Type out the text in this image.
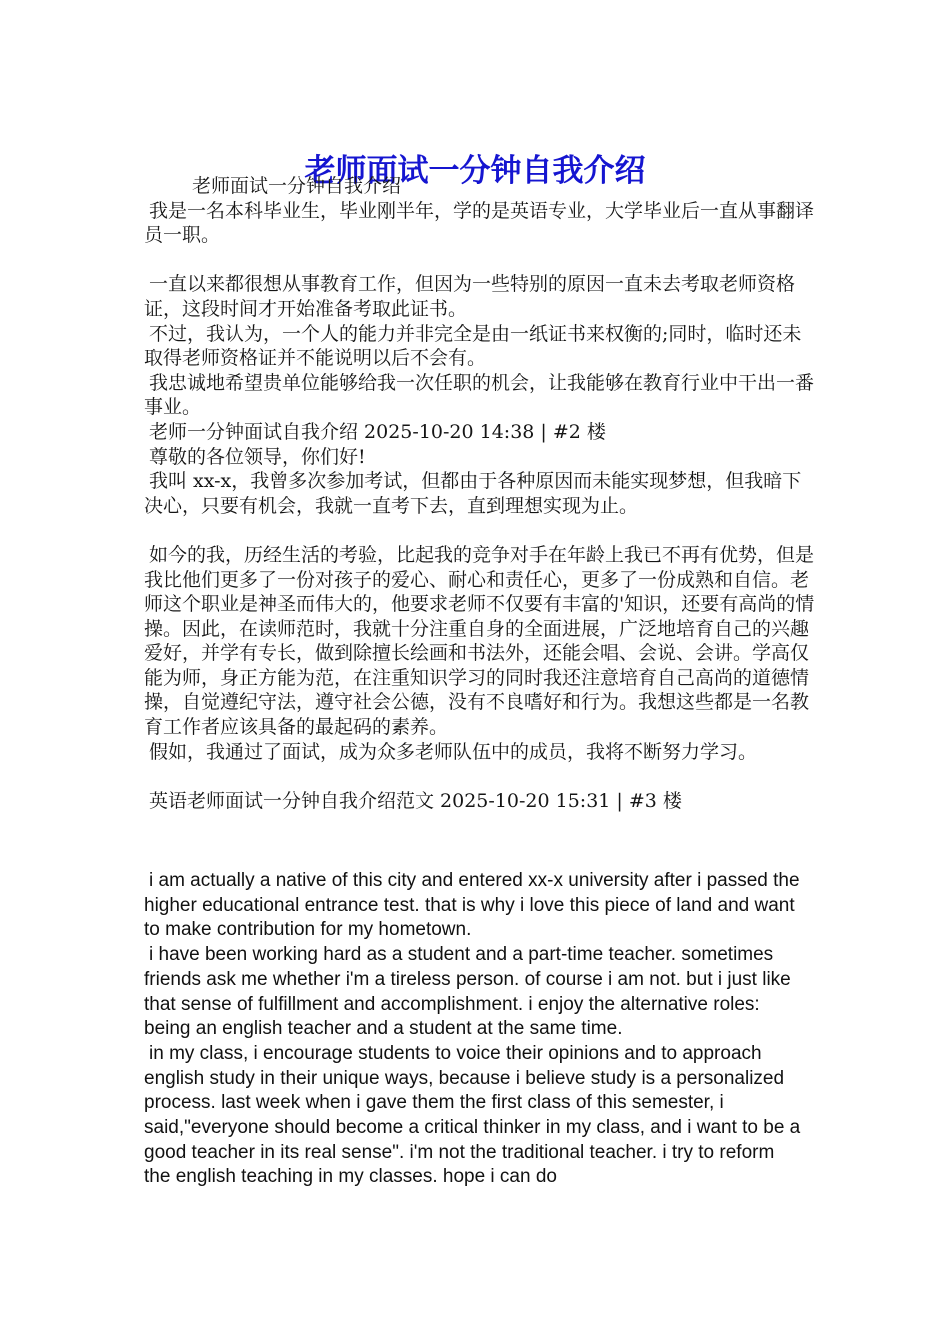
老师面试一分钟自我介绍

老师面试一分钟自我介绍

我是一名本科毕业生，毕业刚半年，学的是英语专业，大学毕业后一直从事翻译员一职。

一直以来都很想从事教育工作，但因为一些特别的原因一直未去考取老师资格证，这段时间才开始准备考取此证书。

不过，我认为，一个人的能力并非完全是由一纸证书来权衡的;同时，临时还未取得老师资格证并不能说明以后不会有。

我忠诚地希望贵单位能够给我一次任职的机会，让我能够在教育行业中干出一番事业。

老师一分钟面试自我介绍 2025-10-20 14:38 | #2 楼

尊敬的各位领导，你们好!

我叫 xx-x，我曾多次参加考试，但都由于各种原因而未能实现梦想，但我暗下决心，只要有机会，我就一直考下去，直到理想实现为止。

如今的我，历经生活的考验，比起我的竞争对手在年龄上我已不再有优势，但是我比他们更多了一份对孩子的爱心、耐心和责任心，更多了一份成熟和自信。老师这个职业是神圣而伟大的，他要求老师不仅要有丰富的'知识，还要有高尚的情操。因此，在读师范时，我就十分注重自身的全面进展，广泛地培育自己的兴趣爱好，并学有专长，做到除擅长绘画和书法外，还能会唱、会说、会讲。学高仅能为师，身正方能为范，在注重知识学习的同时我还注意培育自己高尚的道德情操，自觉遵纪守法，遵守社会公德，没有不良嗜好和行为。我想这些都是一名教育工作者应该具备的最起码的素养。

假如，我通过了面试，成为众多老师队伍中的成员，我将不断努力学习。

英语老师面试一分钟自我介绍范文 2025-10-20 15:31 | #3 楼

i am actually a native of this city and entered xx-x university after i passed the higher educational entrance test. that is why i love this piece of land and want to make contribution for my hometown.

i have been working hard as a student and a part-time teacher. sometimes friends ask me whether i'm a tireless person. of course i am not. but i just like that sense of fulfillment and accomplishment. i enjoy the alternative roles: being an english teacher and a student at the same time.

in my class, i encourage students to voice their opinions and to approach english study in their unique ways, because i believe study is a personalized process. last week when i gave them the first class of this semester, i said,"everyone should become a critical thinker in my class, and i want to be a good teacher in its real sense". i'm not the traditional teacher. i try to reform the english teaching in my classes. hope i can do
